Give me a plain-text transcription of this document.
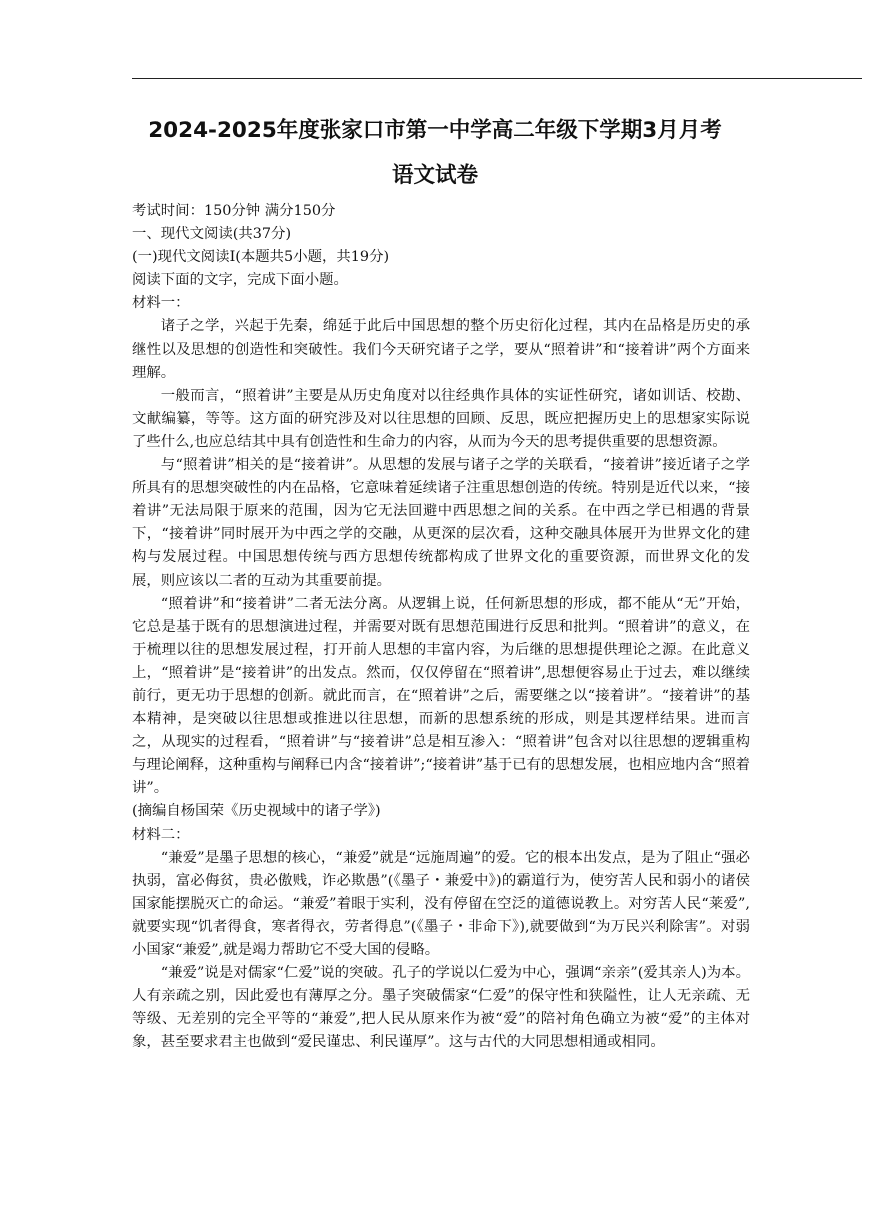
2024-2025年度张家口市第一中学高二年级下学期3月月考
语文试卷

考试时间：150分钟 满分150分

一、现代文阅读(共37分)

(一)现代文阅读I(本题共5小题，共19分)

阅读下面的文字，完成下面小题。

材料一：

诸子之学，兴起于先秦，绵延于此后中国思想的整个历史衍化过程，其内在品格是历史的承继性以及思想的创造性和突破性。我们今天研究诸子之学，要从“照着讲”和“接着讲”两个方面来理解。

一般而言，“照着讲”主要是从历史角度对以往经典作具体的实证性研究，诸如训话、校勘、文献编纂，等等。这方面的研究涉及对以往思想的回顾、反思，既应把握历史上的思想家实际说了些什么,也应总结其中具有创造性和生命力的内容，从而为今天的思考提供重要的思想资源。

与“照着讲”相关的是“接着讲”。从思想的发展与诸子之学的关联看，“接着讲”接近诸子之学所具有的思想突破性的内在品格，它意味着延续诸子注重思想创造的传统。特别是近代以来，“接着讲”无法局限于原来的范围，因为它无法回避中西思想之间的关系。在中西之学已相遇的背景下，“接着讲”同时展开为中西之学的交融，从更深的层次看，这种交融具体展开为世界文化的建构与发展过程。中国思想传统与西方思想传统都构成了世界文化的重要资源，而世界文化的发展，则应该以二者的互动为其重要前提。

“照着讲”和“接着讲”二者无法分离。从逻辑上说，任何新思想的形成，都不能从“无”开始，它总是基于既有的思想演进过程，并需要对既有思想范围进行反思和批判。“照着讲”的意义，在于梳理以往的思想发展过程，打开前人思想的丰富内容，为后继的思想提供理论之源。在此意义上，“照着讲”是“接着讲”的出发点。然而，仅仅停留在“照着讲”,思想便容易止于过去，难以继续前行，更无功于思想的创新。就此而言，在“照着讲”之后，需要继之以“接着讲”。“接着讲”的基本精神，是突破以往思想或推进以往思想，而新的思想系统的形成，则是其逻样结果。进而言之，从现实的过程看，“照着讲”与“接着讲”总是相互渗入：“照着讲”包含对以往思想的逻辑重构与理论阐释，这种重构与阐释已内含“接着讲”;“接着讲”基于已有的思想发展，也相应地内含“照着讲”。

(摘编自杨国荣《历史视域中的诸子学》)

材料二：

“兼爱”是墨子思想的核心，“兼爱”就是“远施周遍”的爱。它的根本出发点，是为了阻止“强必执弱，富必侮贫，贵必傲贱，诈必欺愚”(《墨子・兼爱中》)的霸道行为，使穷苦人民和弱小的诸侯国家能摆脱灭亡的命运。“兼爱”着眼于实利，没有停留在空泛的道德说教上。对穷苦人民“莱爱”,就要实现“饥者得食，寒者得衣，劳者得息”(《墨子・非命下》),就要做到“为万民兴利除害”。对弱小国家“兼爱”,就是竭力帮助它不受大国的侵略。

“兼爱”说是对儒家“仁爱”说的突破。孔子的学说以仁爱为中心，强调“亲亲”(爱其亲人)为本。人有亲疏之别，因此爱也有薄厚之分。墨子突破儒家“仁爱”的保守性和狭隘性，让人无亲疏、无等级、无差别的完全平等的“兼爱”,把人民从原来作为被“爱”的陪衬角色确立为被“爱”的主体对象，甚至要求君主也做到“爱民谨忠、利民谨厚”。这与古代的大同思想相通或相同。
